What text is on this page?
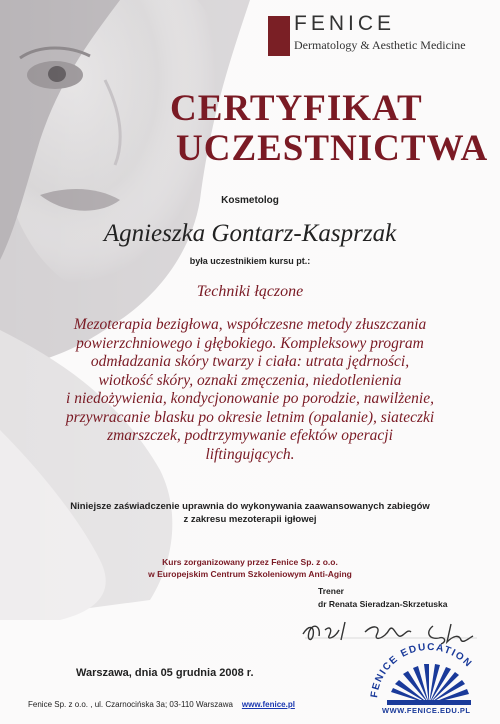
FENICE
Dermatology & Aesthetic Medicine
CERTYFIKAT
UCZESTNICTWA
Kosmetolog
Agnieszka Gontarz-Kasprzak
była uczestnikiem kursu pt.:
Techniki łączone
Mezoterapia bezigłowa, współczesne metody złuszczania
powierzchniowego i głębokiego. Kompleksowy program
odmładzania skóry twarzy i ciała: utrata jędrności,
wiotkość skóry, oznaki zmęczenia, niedotlenienia
i niedożywienia, kondycjonowanie po porodzie, nawilżenie,
przywracanie blasku po okresie letnim (opalanie), siateczki
zmarszczek, podtrzymywanie efektów operacji
liftingujących.
Niniejsze zaświadczenie uprawnia do wykonywania zaawansowanych zabiegów
z zakresu mezoterapii igłowej
Kurs zorganizowany przez Fenice Sp. z o.o.
w Europejskim Centrum Szkoleniowym Anti-Aging
Trener
dr Renata Sieradzan-Skrzetuska
Warszawa, dnia 05 grudnia 2008 r.
Fenice Sp. z o.o. , ul. Czarnocińska 3a; 03-110 Warszawa www.fenice.pl
FENICE EDUCATION
WWW.FENICE.EDU.PL
